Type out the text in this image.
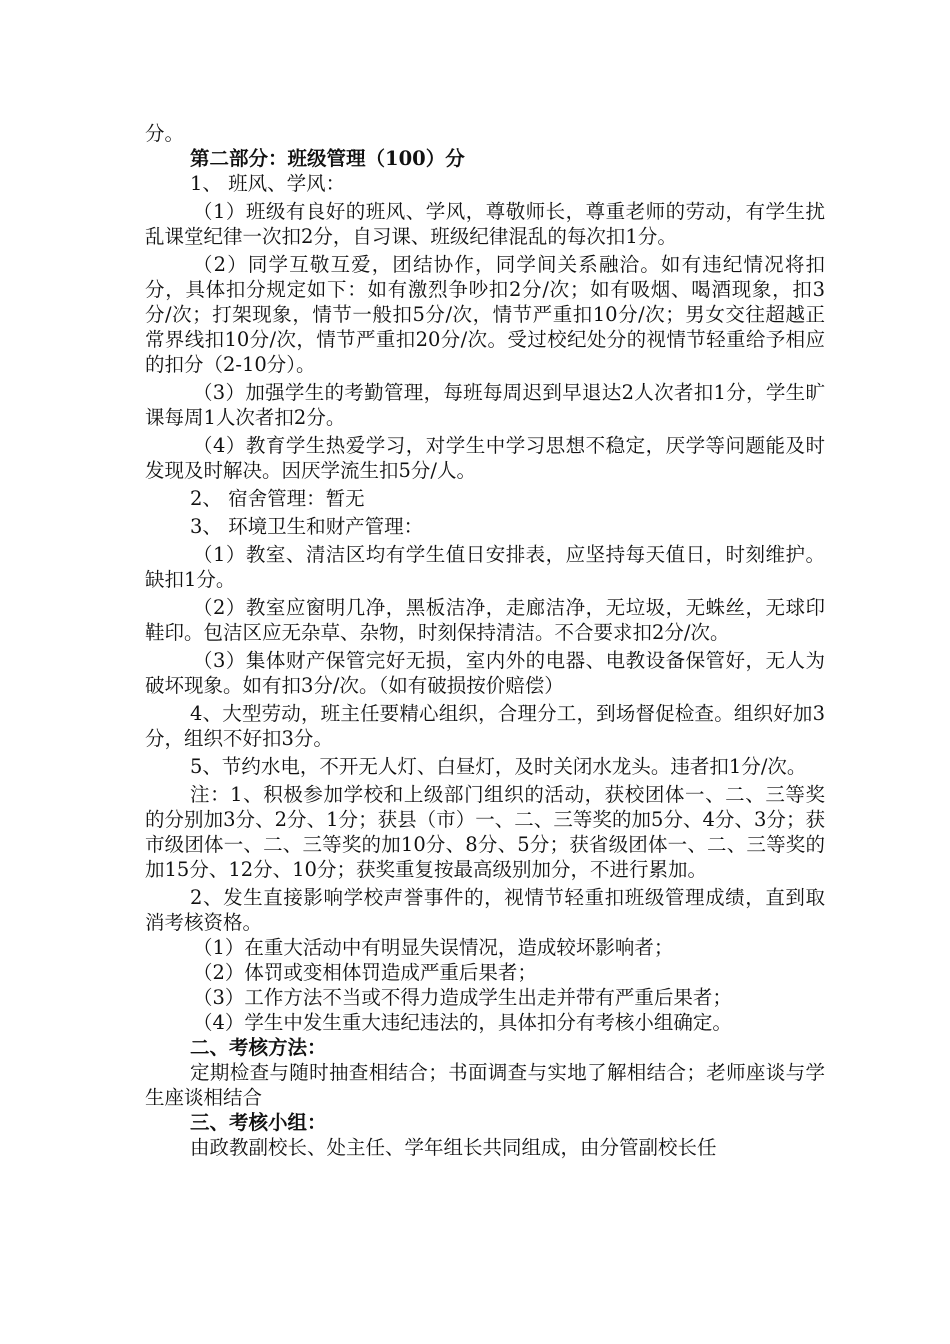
分。

第二部分：班级管理（100）分

1、 班风、学风：

（1）班级有良好的班风、学风，尊敬师长，尊重老师的劳动，有学生扰乱课堂纪律一次扣2分，自习课、班级纪律混乱的每次扣1分。

（2）同学互敬互爱，团结协作，同学间关系融洽。如有违纪情况将扣分，具体扣分规定如下：如有激烈争吵扣2分/次；如有吸烟、喝酒现象，扣3分/次；打架现象，情节一般扣5分/次，情节严重扣10分/次；男女交往超越正常界线扣10分/次，情节严重扣20分/次。受过校纪处分的视情节轻重给予相应的扣分（2-10分）。

（3）加强学生的考勤管理，每班每周迟到早退达2人次者扣1分，学生旷课每周1人次者扣2分。

（4）教育学生热爱学习，对学生中学习思想不稳定，厌学等问题能及时发现及时解决。因厌学流生扣5分/人。

2、 宿舍管理：暂无

3、 环境卫生和财产管理：

（1）教室、清洁区均有学生值日安排表，应坚持每天值日，时刻维护。缺扣1分。

（2）教室应窗明几净，黑板洁净，走廊洁净，无垃圾，无蛛丝，无球印鞋印。包洁区应无杂草、杂物，时刻保持清洁。不合要求扣2分/次。

（3）集体财产保管完好无损，室内外的电器、电教设备保管好，无人为破坏现象。如有扣3分/次。（如有破损按价赔偿）

4、大型劳动，班主任要精心组织，合理分工，到场督促检查。组织好加3分，组织不好扣3分。

5、节约水电，不开无人灯、白昼灯，及时关闭水龙头。违者扣1分/次。

注：1、积极参加学校和上级部门组织的活动，获校团体一、二、三等奖的分别加3分、2分、1分；获县（市）一、二、三等奖的加5分、4分、3分；获市级团体一、二、三等奖的加10分、8分、5分；获省级团体一、二、三等奖的加15分、12分、10分；获奖重复按最高级别加分，不进行累加。

2、发生直接影响学校声誉事件的，视情节轻重扣班级管理成绩，直到取消考核资格。

（1）在重大活动中有明显失误情况，造成较坏影响者；

（2）体罚或变相体罚造成严重后果者；

（3）工作方法不当或不得力造成学生出走并带有严重后果者；

（4）学生中发生重大违纪违法的，具体扣分有考核小组确定。

二、考核方法：

定期检查与随时抽查相结合；书面调查与实地了解相结合；老师座谈与学生座谈相结合

三、考核小组：

由政教副校长、处主任、学年组长共同组成，由分管副校长任
